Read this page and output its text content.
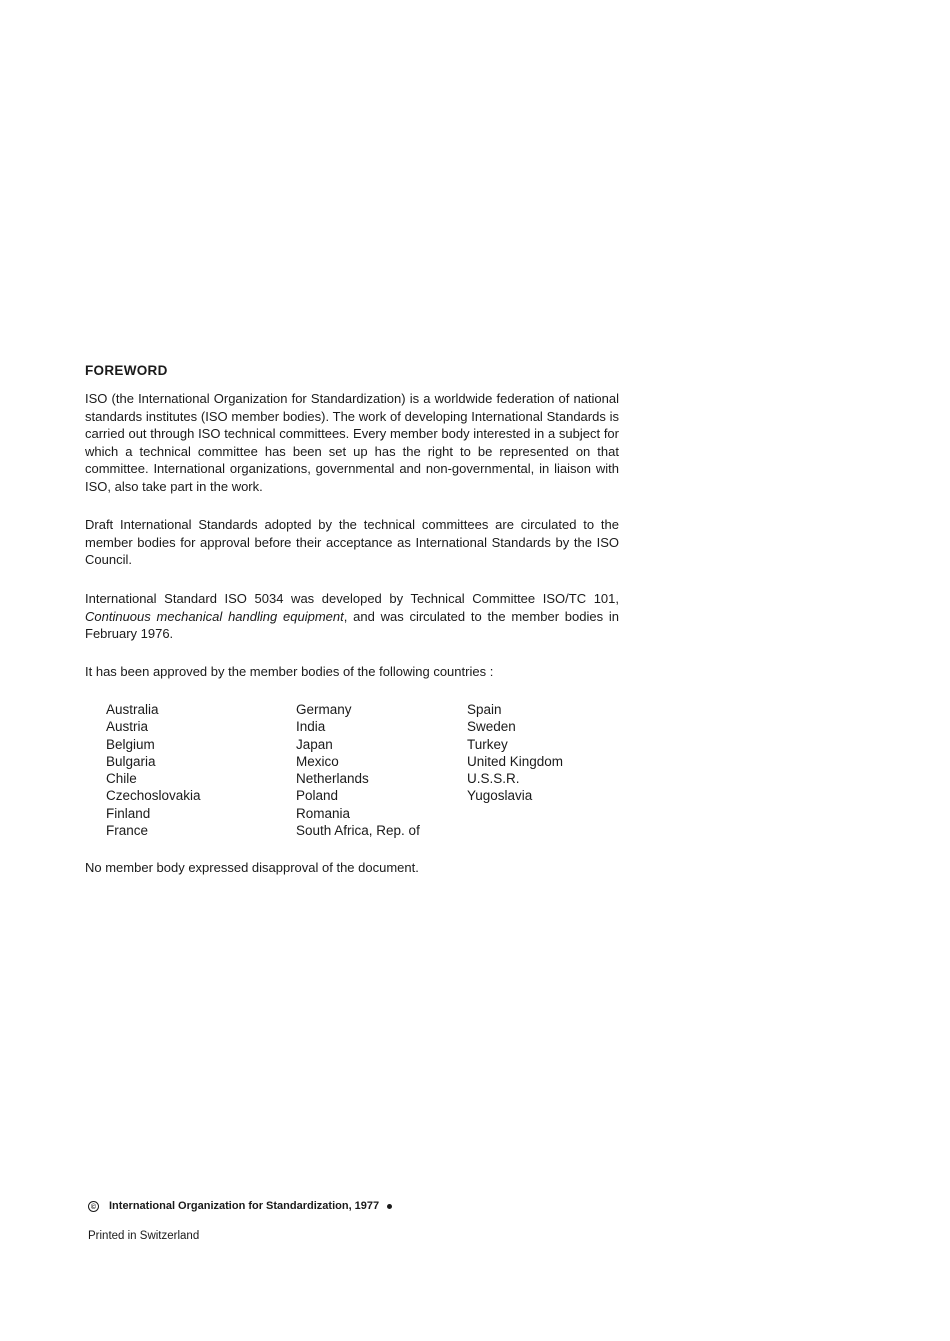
FOREWORD

ISO (the International Organization for Standardization) is a worldwide federation of national standards institutes (ISO member bodies). The work of developing International Standards is carried out through ISO technical committees. Every member body interested in a subject for which a technical committee has been set up has the right to be represented on that committee. International organizations, governmental and non-governmental, in liaison with ISO, also take part in the work.

Draft International Standards adopted by the technical committees are circulated to the member bodies for approval before their acceptance as International Standards by the ISO Council.

International Standard ISO 5034 was developed by Technical Committee ISO/TC 101, Continuous mechanical handling equipment, and was circulated to the member bodies in February 1976.

It has been approved by the member bodies of the following countries :

Australia
Austria
Belgium
Bulgaria
Chile
Czechoslovakia
Finland
France
Germany
India
Japan
Mexico
Netherlands
Poland
Romania
South Africa, Rep. of
Spain
Sweden
Turkey
United Kingdom
U.S.S.R.
Yugoslavia

No member body expressed disapproval of the document.

© International Organization for Standardization, 1977
Printed in Switzerland
